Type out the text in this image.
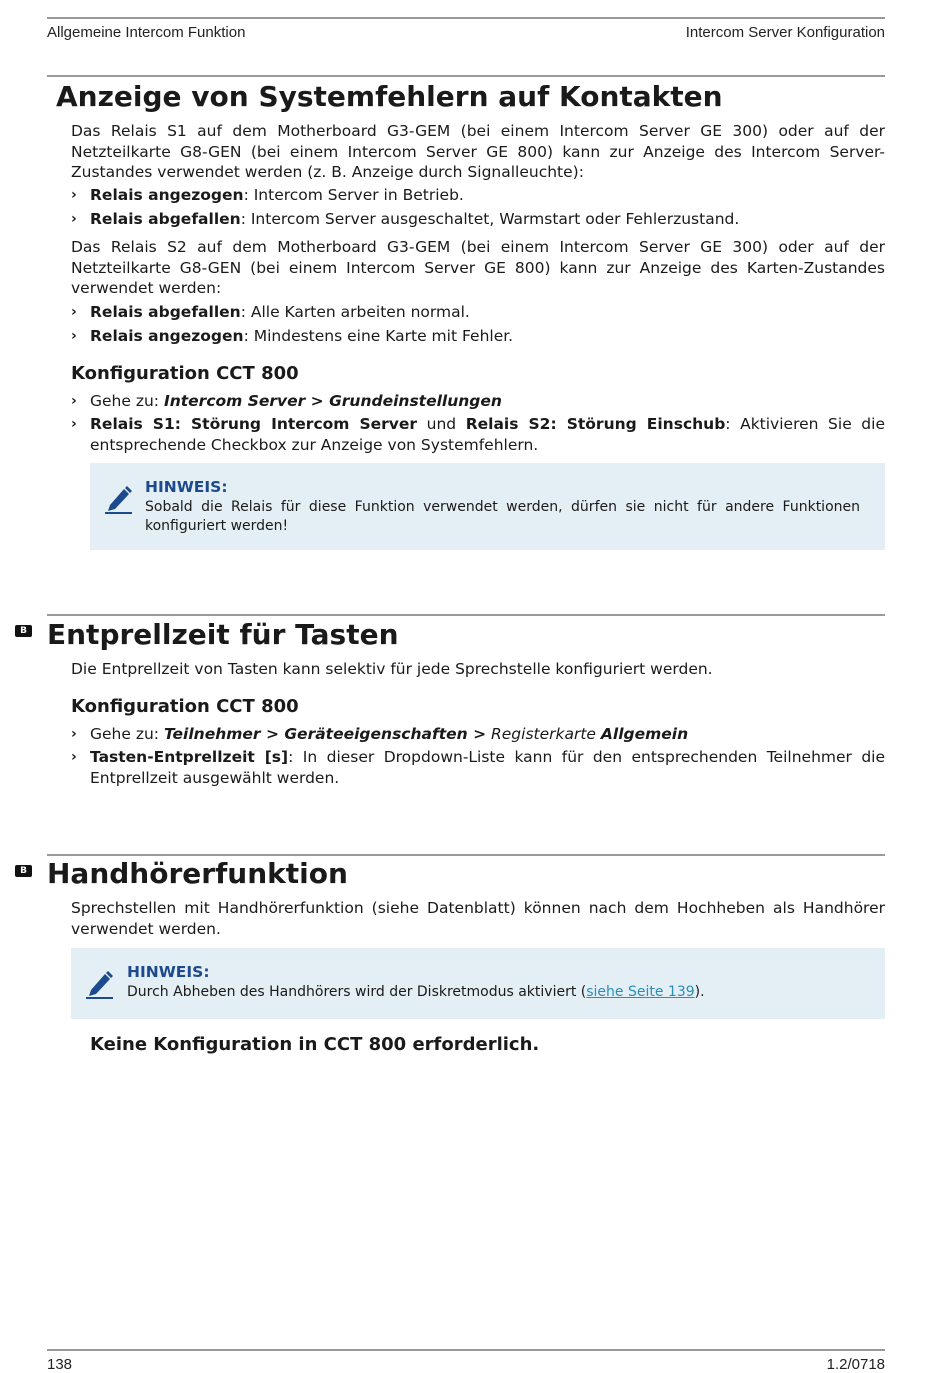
Allgemeine Intercom Funktion	Intercom Server Konfiguration
Anzeige von Systemfehlern auf Kontakten

Das Relais S1 auf dem Motherboard G3-GEM (bei einem Intercom Server GE 300) oder auf der Netzteilkarte G8-GEN (bei einem Intercom Server GE 800) kann zur Anzeige des Intercom Server-Zustandes verwendet werden (z. B. Anzeige durch Signalleuchte):

› Relais angezogen: Intercom Server in Betrieb.
› Relais abgefallen: Intercom Server ausgeschaltet, Warmstart oder Fehlerzustand.

Das Relais S2 auf dem Motherboard G3-GEM (bei einem Intercom Server GE 300) oder auf der Netzteilkarte G8-GEN (bei einem Intercom Server GE 800) kann zur Anzeige des Karten-Zustandes verwendet werden:

› Relais abgefallen: Alle Karten arbeiten normal.
› Relais angezogen: Mindestens eine Karte mit Fehler.
Konfiguration CCT 800
› Gehe zu: Intercom Server > Grundeinstellungen
› Relais S1: Störung Intercom Server und Relais S2: Störung Einschub: Aktivieren Sie die entsprechende Checkbox zur Anzeige von Systemfehlern.
HINWEIS:
Sobald die Relais für diese Funktion verwendet werden, dürfen sie nicht für andere Funktionen konfiguriert werden!
B Entprellzeit für Tasten

Die Entprellzeit von Tasten kann selektiv für jede Sprechstelle konfiguriert werden.

Konfiguration CCT 800
› Gehe zu: Teilnehmer > Geräteeigenschaften > Registerkarte Allgemein
› Tasten-Entprellzeit [s]: In dieser Dropdown-Liste kann für den entsprechenden Teilnehmer die Entprellzeit ausgewählt werden.
B Handhörerfunktion

Sprechstellen mit Handhörerfunktion (siehe Datenblatt) können nach dem Hochheben als Handhörer verwendet werden.

HINWEIS:
Durch Abheben des Handhörers wird der Diskretmodus aktiviert (siehe Seite 139).
Keine Konfiguration in CCT 800 erforderlich.
138	1.2/0718
